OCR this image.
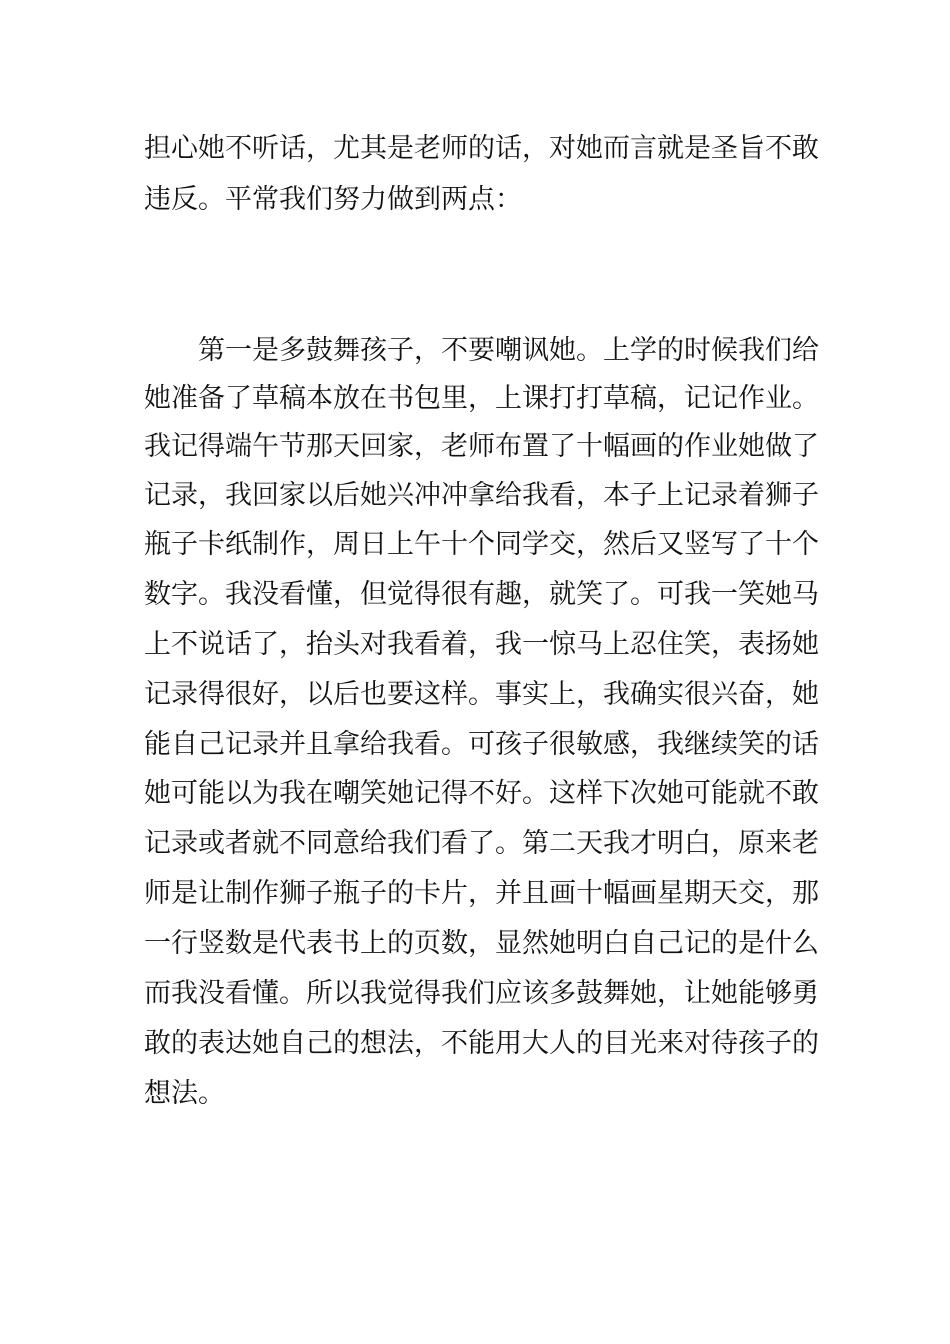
担心她不听话，尤其是老师的话，对她而言就是圣旨不敢
违反。平常我们努力做到两点：
第一是多鼓舞孩子，不要嘲讽她。上学的时候我们给
她准备了草稿本放在书包里，上课打打草稿，记记作业。
我记得端午节那天回家，老师布置了十幅画的作业她做了
记录，我回家以后她兴冲冲拿给我看，本子上记录着狮子
瓶子卡纸制作，周日上午十个同学交，然后又竖写了十个
数字。我没看懂，但觉得很有趣，就笑了。可我一笑她马
上不说话了，抬头对我看着，我一惊马上忍住笑，表扬她
记录得很好，以后也要这样。事实上，我确实很兴奋，她
能自己记录并且拿给我看。可孩子很敏感，我继续笑的话
她可能以为我在嘲笑她记得不好。这样下次她可能就不敢
记录或者就不同意给我们看了。第二天我才明白，原来老
师是让制作狮子瓶子的卡片，并且画十幅画星期天交，那
一行竖数是代表书上的页数，显然她明白自己记的是什么
而我没看懂。所以我觉得我们应该多鼓舞她，让她能够勇
敢的表达她自己的想法，不能用大人的目光来对待孩子的
想法。
